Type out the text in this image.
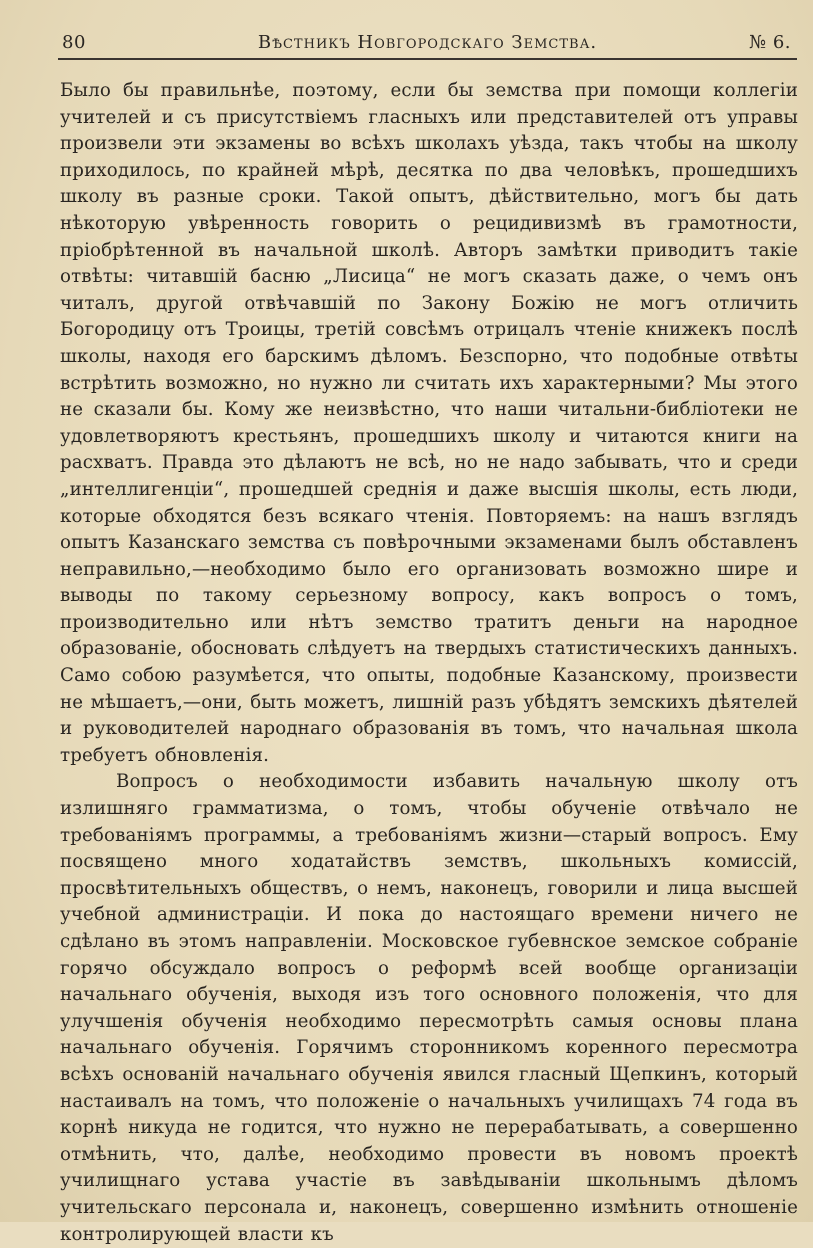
80	Вѣстникъ Новгородскаго Земства.	№ 6.

Было бы правильнѣе, поэтому, если бы земства при помощи коллегіи учителей и съ присутствіемъ гласныхъ или представителей отъ управы произвели эти экзамены во всѣхъ школахъ уѣзда, такъ чтобы на школу приходилось, по крайней мѣрѣ, десятка по два человѣкъ, прошедшихъ школу въ разные сроки. Такой опытъ, дѣйствительно, могъ бы дать нѣкоторую увѣренность говорить о рецидивизмѣ въ грамотности, пріобрѣтенной въ начальной школѣ. Авторъ замѣтки приводитъ такіе отвѣты: читавшій басню „Лисица“ не могъ сказать даже, о чемъ онъ читалъ, другой отвѣчавшій по Закону Божію не могъ отличить Богородицу отъ Троицы, третій совсѣмъ отрицалъ чтеніе книжекъ послѣ школы, находя его барскимъ дѣломъ. Безспорно, что подобные отвѣты встрѣтить возможно, но нужно ли считать ихъ характерными? Мы этого не сказали бы. Кому же неизвѣстно, что наши читальни-библіотеки не удовлетворяютъ крестьянъ, прошедшихъ школу и читаются книги на расхватъ. Правда это дѣлаютъ не всѣ, но не надо забывать, что и среди „интеллигенціи“, прошедшей среднія и даже высшія школы, есть люди, которые обходятся безъ всякаго чтенія. Повторяемъ: на нашъ взглядъ опытъ Казанскаго земства съ повѣрочными экзаменами былъ обставленъ неправильно,—необходимо было его организовать возможно шире и выводы по такому серьезному вопросу, какъ вопросъ о томъ, производительно или нѣтъ земство тратитъ деньги на народное образованіе, обосновать слѣдуетъ на твердыхъ статистическихъ данныхъ. Само собою разумѣется, что опыты, подобные Казанскому, произвести не мѣшаетъ,—они, быть можетъ, лишній разъ убѣдятъ земскихъ дѣятелей и руководителей народнаго образованія въ томъ, что начальная школа требуетъ обновленія.

Вопросъ о необходимости избавить начальную школу отъ излишняго грамматизма, о томъ, чтобы обученіе отвѣчало не требованіямъ программы, а требованіямъ жизни—старый вопросъ. Ему посвящено много ходатайствъ земствъ, школьныхъ комиссій, просвѣтительныхъ обществъ, о немъ, наконецъ, говорили и лица высшей учебной администраціи. И пока до настоящаго времени ничего не сдѣлано въ этомъ направленіи. Московское губевнское земское собраніе горячо обсуждало вопросъ о реформѣ всей вообще организаціи начальнаго обученія, выходя изъ того основного положенія, что для улучшенія обученія необходимо пересмотрѣть самыя основы плана начальнаго обученія. Горячимъ сторонникомъ коренного пересмотра всѣхъ основаній начальнаго обученія явился гласный Щепкинъ, который настаивалъ на томъ, что положеніе о начальныхъ училищахъ 74 года въ корнѣ никуда не годится, что нужно не перерабатывать, а совершенно отмѣнить, что, далѣе, необходимо провести въ новомъ проектѣ училищнаго устава участіе въ завѣдываніи школьнымъ дѣломъ учительскаго персонала и, наконецъ, совершенно измѣнить отношеніе контролирующей власти къ
